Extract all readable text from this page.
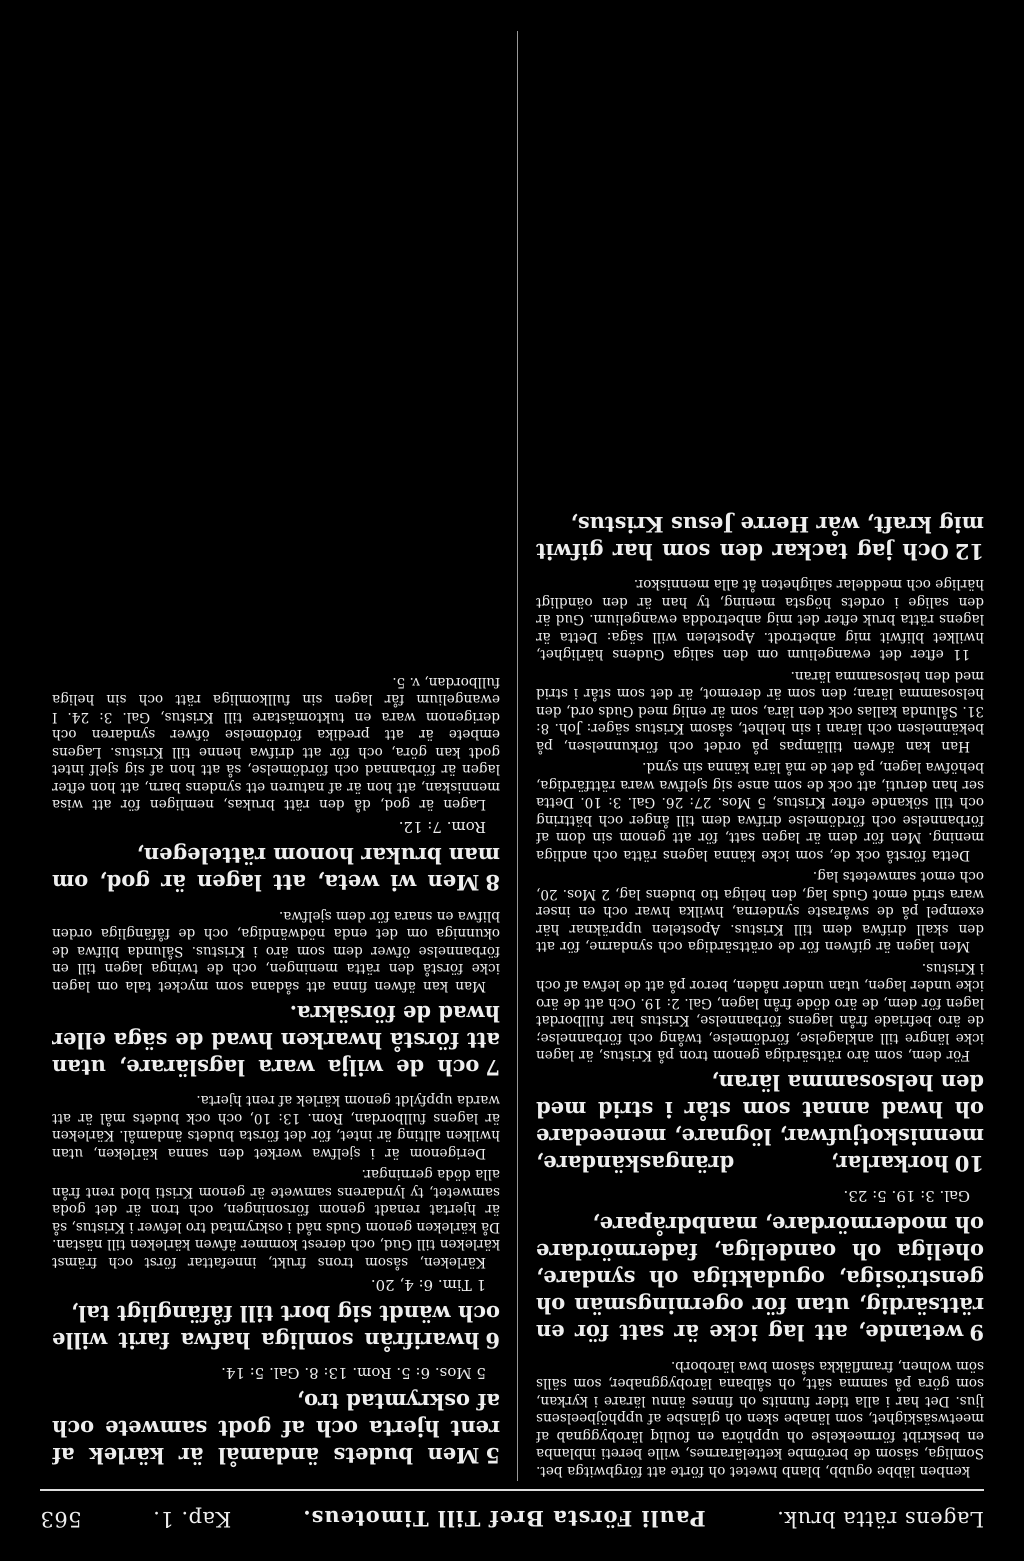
Lagens rätta bruk.
Pauli Första Bref Till Timoteus.
Kap. 1.
563
kenben läbbe ogubb, blanb hwetet oh förte att förgbwitga bet. Somliga, säsom de berömbe kettelärarnes, wille bereti inblanba en beskribt förmeekelse oh upphöra en fouliq lärobyggnab af meetwsäskighet, som länabe sken oh glänsbe af upphöjbeelsens ljus. Det har i alla tider funnits oh finnes ännu lärare i kyrkan, som göra på samma sätt, oh sålbana lärobyggnaber, som sälls söm wolnen, framfläkka såsom bwa läroborb.
9wetande, att lag icke är satt för en rättsärdig, utan för ogerningsmän oh genströsiga, ogudaktiga oh syndare, oheliga oh oandeliga, fadermördare oh modermördare, manbdråpare,
Gal. 3: 19. 5: 23.
10horkarlar, drängaskändare, menniskotjufwar, lögnare, meneedare oh hwad annat som står i strid med den helsosamma läran,
För dem, som äro rättsärdiga genom tron på Kristus, är lagen icke längre till anklagelse, fördömelse, twång och förbannelse; de äro befriade från lagens förbannelse, Kristus har fullbordat lagen för dem, de äro döde från lagen, Gal. 2: 19. Och att de äro icke under lagen, utan under nåden, beror på att de lefwa af och i Kristus.
Men lagen är gifwen för de orättsärdiga och syndarne, för att den skall drifwa dem till Kristus. Apostelen uppräknar här exempel på de swåraste synderna, hwilka hwar och en inser wara strid emot Guds lag, den heliga tio budens lag, 2 Mos. 20, och emot samwetets lag.
Detta förstå ock de, som icke känna lagens rätta och andliga mening. Men för dem är lagen satt, för att genom sin dom af förbannelse och fördömelse drifwa dem till ånger och bättring och till sökande efter Kristus, 5 Mos. 27: 26. Gal. 3: 10. Detta ser han deruti, att ock de som anse sig sjelfwa wara rättfärdiga, behöfwa lagen, på det de må lära känna sin synd.
Han kan äfwen tillämpas på ordet och förkunnelsen, på bekännelsen och läran i sin helhet, såsom Kristus säger: Joh. 8: 31. Sålunda kallas ock den lära, som är enlig med Guds ord, den helsosamma läran; den som är deremot, är det som står i strid med den helsosamma läran.
11 efter det ewangelium om den saliga Gudens härlighet, hwilket blifwit mig anbetrodt. Apostelen will säga: Detta är lagens rätta bruk efter det mig anbetrodda ewangelium. Gud är den salige i ordets högsta mening, ty han är den oändligt härlige och meddelar saligheten åt alla menniskor.
12Och jag tackar den som har gifwit mig kraft, wår Herre Jesus Kristus,
5Men budets ändamål är kärlek af rent hjerta och af godt samwete och af oskrymtad tro,
5 Mos. 6: 5. Rom. 13: 8. Gal. 5: 14.
6hwarifrån somliga hafwa farit wille och wändt sig bort till fåfängligt tal,
1 Tim. 6: 4, 20.
Kärleken, såsom trons frukt, innefattar först och främst kärleken till Gud, och derest kommer äfwen kärleken till nästan. Då kärleken genom Guds nåd i oskrymtad tro lefwer i Kristus, så är hjertat renadt genom försoningen, och tron är det goda samwetet, ty lyndarens samwete är genom Kristi blod rent från alla döda gerningar.
Derigenom är i sjelfwa werket den sanna kärleken, utan hwilken allting är intet, för det första budets ändamål. Kärleken är lagens fullbordan, Rom. 13: 10, och ock budets mål är att warda uppfyldt genom kärlek af rent hjerta.
7och de wilja wara lagslärare, utan att förstå hwarken hwad de säga eller hwad de försäkra.
Man kan äfwen finna att sådana som mycket tala om lagen icke förstå den rätta meningen, och de twinga lagen till en förbannelse öfwer dem som äro i Kristus. Sålunda blifwa de okunniga om det enda nödwändiga, och de fåfängliga orden blifwa en snara för dem sjelfwa.
8Men wi weta, att lagen är god, om man brukar honom rättelegen,
Rom. 7: 12.
Lagen är god, då den rätt brukas, nemligen för att wisa menniskan, att hon är af naturen ett syndens barn, att hon efter lagen är förbannad och fördömelse, så att hon af sig sjelf intet godt kan göra, och för att drifwa henne till Kristus. Lagens embete är att predika fördömelse öfwer syndaren och derigenom wara en tuktomästare till Kristus, Gal. 3: 24. I ewangelium får lagen sin fullkomliga rätt och sin heliga fullbordan, v. 5.
